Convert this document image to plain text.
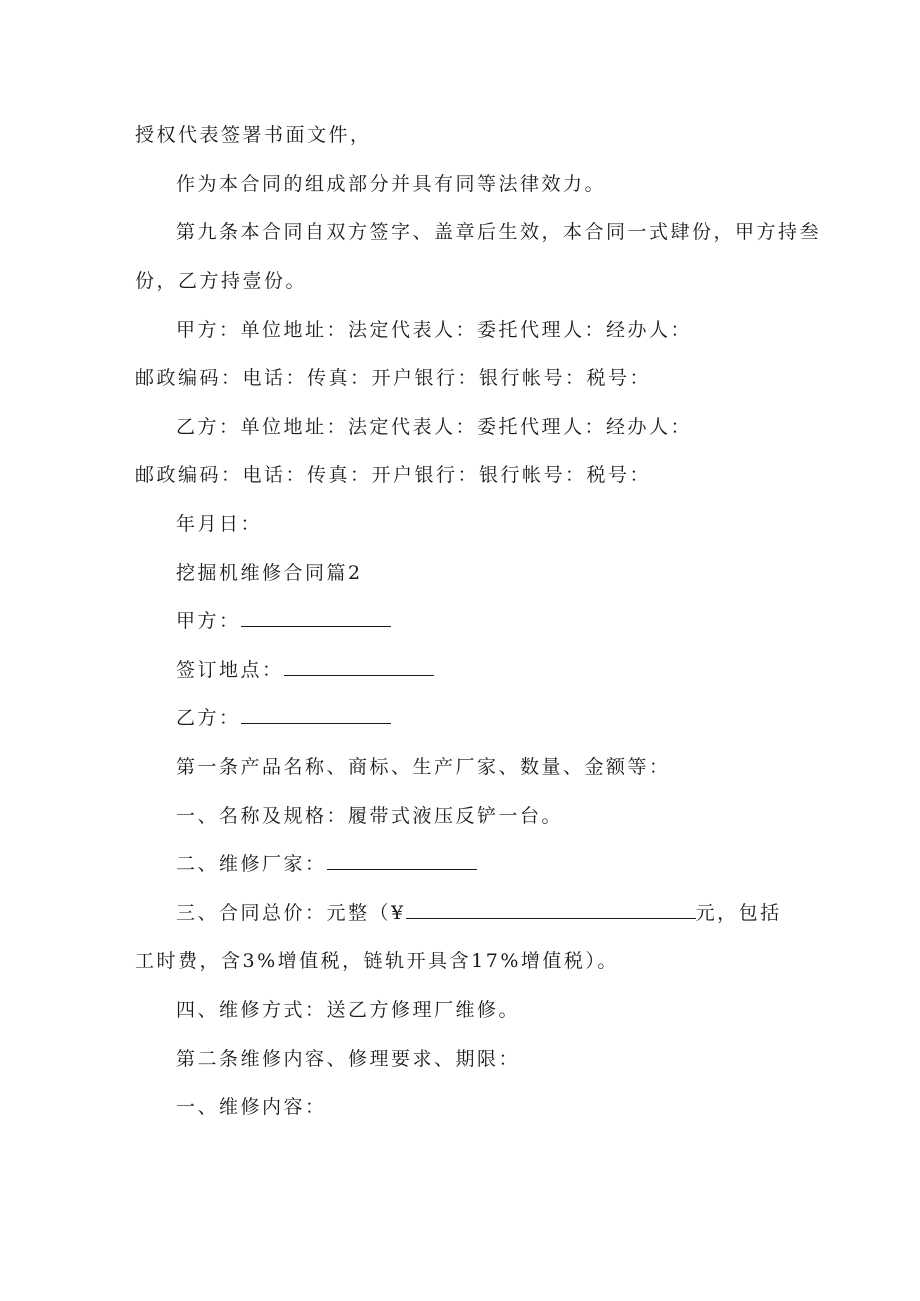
授权代表签署书面文件，
作为本合同的组成部分并具有同等法律效力。
第九条本合同自双方签字、盖章后生效，本合同一式肆份，甲方持叁
份，乙方持壹份。
甲方：单位地址：法定代表人：委托代理人：经办人：
邮政编码：电话：传真：开户银行：银行帐号：税号：
乙方：单位地址：法定代表人：委托代理人：经办人：
邮政编码：电话：传真：开户银行：银行帐号：税号：
年月日：
挖掘机维修合同篇2
甲方：
签订地点：
乙方：
第一条产品名称、商标、生产厂家、数量、金额等：
一、名称及规格：履带式液压反铲一台。
二、维修厂家：
三、合同总价：元整（¥	元，包括
工时费，含3%增值税，链轨开具含17%增值税）。
四、维修方式：送乙方修理厂维修。
第二条维修内容、修理要求、期限：
一、维修内容：
